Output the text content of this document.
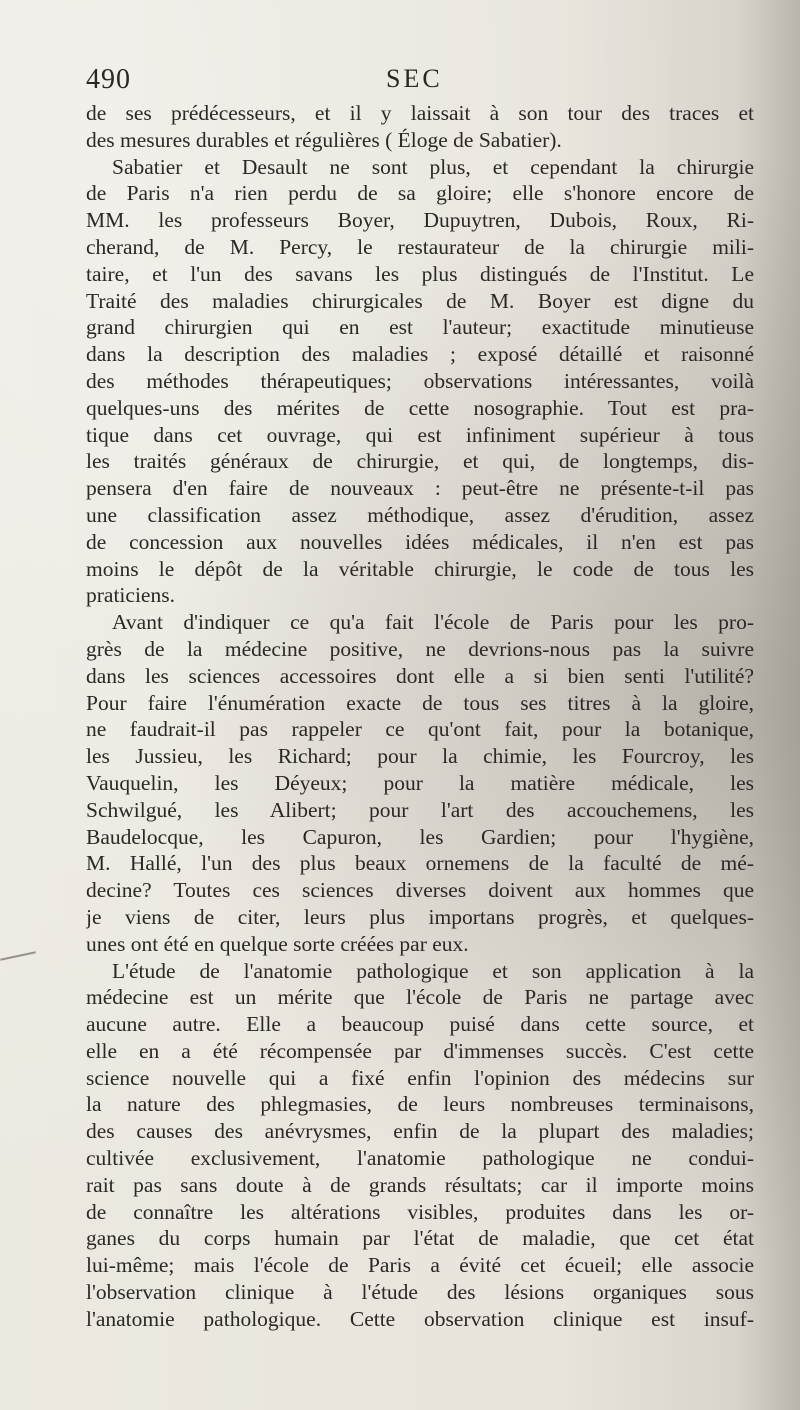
490	SEC
de ses prédécesseurs, et il y laissait à son tour des traces et
des mesures durables et régulières ( Éloge de Sabatier).
Sabatier et Desault ne sont plus, et cependant la chirurgie
de Paris n'a rien perdu de sa gloire; elle s'honore encore de
MM. les professeurs Boyer, Dupuytren, Dubois, Roux, Ri-
cherand, de M. Percy, le restaurateur de la chirurgie mili-
taire, et l'un des savans les plus distingués de l'Institut. Le
Traité des maladies chirurgicales de M. Boyer est digne du
grand chirurgien qui en est l'auteur; exactitude minutieuse
dans la description des maladies ; exposé détaillé et raisonné
des méthodes thérapeutiques; observations intéressantes, voilà
quelques-uns des mérites de cette nosographie. Tout est pra-
tique dans cet ouvrage, qui est infiniment supérieur à tous
les traités généraux de chirurgie, et qui, de longtemps, dis-
pensera d'en faire de nouveaux : peut-être ne présente-t-il pas
une classification assez méthodique, assez d'érudition, assez
de concession aux nouvelles idées médicales, il n'en est pas
moins le dépôt de la véritable chirurgie, le code de tous les
praticiens.
Avant d'indiquer ce qu'a fait l'école de Paris pour les pro-
grès de la médecine positive, ne devrions-nous pas la suivre
dans les sciences accessoires dont elle a si bien senti l'utilité?
Pour faire l'énumération exacte de tous ses titres à la gloire,
ne faudrait-il pas rappeler ce qu'ont fait, pour la botanique,
les Jussieu, les Richard; pour la chimie, les Fourcroy, les
Vauquelin, les Déyeux; pour la matière médicale, les
Schwilgué, les Alibert; pour l'art des accouchemens, les
Baudelocque, les Capuron, les Gardien; pour l'hygiène,
M. Hallé, l'un des plus beaux ornemens de la faculté de mé-
decine? Toutes ces sciences diverses doivent aux hommes que
je viens de citer, leurs plus importans progrès, et quelques-
unes ont été en quelque sorte créées par eux.
L'étude de l'anatomie pathologique et son application à la
médecine est un mérite que l'école de Paris ne partage avec
aucune autre. Elle a beaucoup puisé dans cette source, et
elle en a été récompensée par d'immenses succès. C'est cette
science nouvelle qui a fixé enfin l'opinion des médecins sur
la nature des phlegmasies, de leurs nombreuses terminaisons,
des causes des anévrysmes, enfin de la plupart des maladies;
cultivée exclusivement, l'anatomie pathologique ne condui-
rait pas sans doute à de grands résultats; car il importe moins
de connaître les altérations visibles, produites dans les or-
ganes du corps humain par l'état de maladie, que cet état
lui-même; mais l'école de Paris a évité cet écueil; elle associe
l'observation clinique à l'étude des lésions organiques sous
l'anatomie pathologique. Cette observation clinique est insuf-
